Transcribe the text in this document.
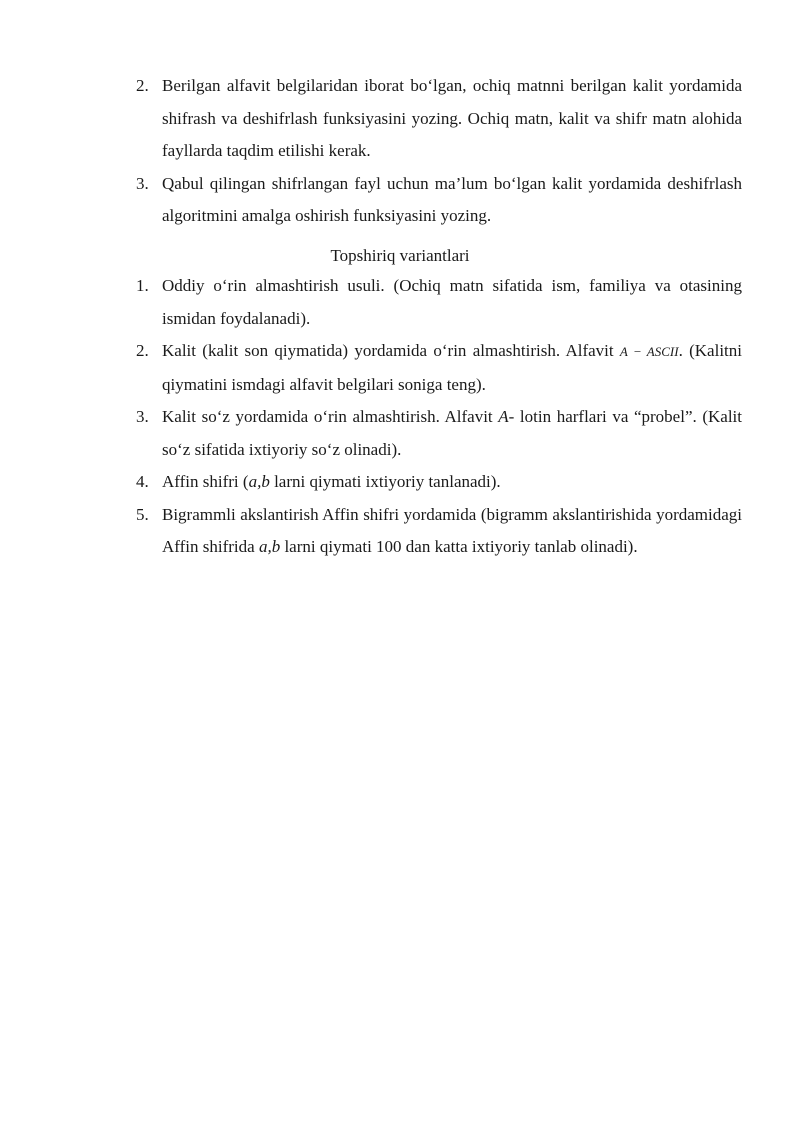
2. Berilgan alfavit belgilaridan iborat bo‘lgan, ochiq matnni berilgan kalit yordamida shifrash va deshifrlash funksiyasini yozing. Ochiq matn, kalit va shifr matn alohida fayllarda taqdim etilishi kerak.
3. Qabul qilingan shifrlangan fayl uchun ma’lum bo‘lgan kalit yordamida deshifrlash algoritmini amalga oshirish funksiyasini yozing.
Topshiriq variantlari
1. Oddiy o‘rin almashtirish usuli. (Ochiq matn sifatida ism, familiya va otasining ismidan foydalanadi).
2. Kalit (kalit son qiymatida) yordamida o‘rin almashtirish. Alfavit A − ASCII. (Kalitni qiymatini ismdagi alfavit belgilari soniga teng).
3. Kalit so‘z yordamida o‘rin almashtirish. Alfavit A- lotin harflari va “probel”. (Kalit so‘z sifatida ixtiyoriy so‘z olinadi).
4. Affin shifri (a,b larni qiymati ixtiyoriy tanlanadi).
5. Bigrammli akslantirish Affin shifri yordamida (bigramm akslantirishida yordamidagi Affin shifrida a,b larni qiymati 100 dan katta ixtiyoriy tanlab olinadi).
